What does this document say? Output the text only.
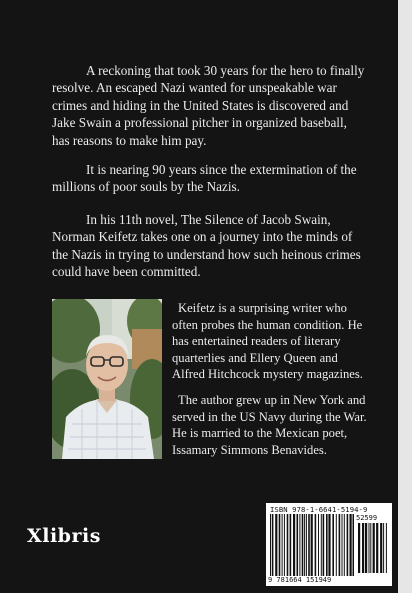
A reckoning that took 30 years for the hero to finally resolve. An escaped Nazi wanted for unspeakable war crimes and hiding in the United States is discovered and Jake Swain a professional pitcher in organized baseball, has reasons to make him pay.

It is nearing 90 years since the extermination of the millions of poor souls by the Nazis.

In his 11th novel, The Silence of Jacob Swain, Norman Keifetz takes one on a journey into the minds of the Nazis in trying to understand how such heinous crimes could have been committed.

Keifetz is a surprising writer who often probes the human condition. He has entertained readers of literary quarterlies and Ellery Queen and Alfred Hitchcock mystery magazines.

The author grew up in New York and served in the US Navy during the War. He is married to the Mexican poet, Issamary Simmons Benavides.

Xlibris
ISBN 978-1-6641-5194-9
52599
9 781664 151949
